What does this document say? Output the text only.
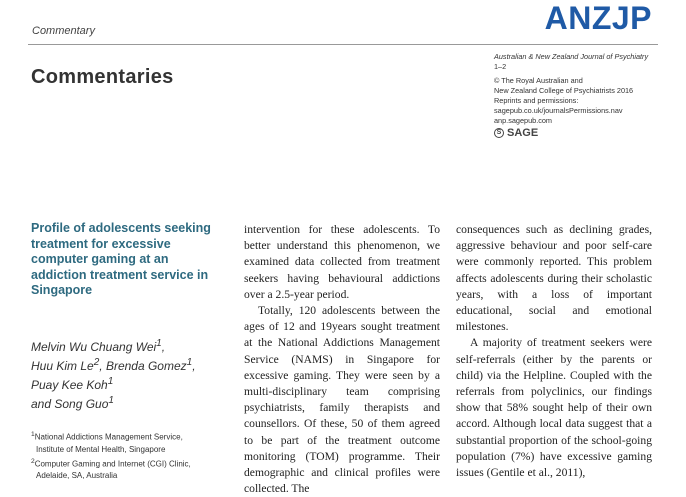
Commentary	ANZJP
Commentaries
Australian & New Zealand Journal of Psychiatry
1–2
© The Royal Australian and
New Zealand College of Psychiatrists 2016
Reprints and permissions:
sagepub.co.uk/journalsPermissions.nav
anp.sagepub.com
S SAGE
Profile of adolescents seeking treatment for excessive computer gaming at an addiction treatment service in Singapore
Melvin Wu Chuang Wei$^1$,
Huu Kim Le$^2$, Brenda Gomez$^1$, Puay Kee Koh$^1$
and Song Guo$^1$
$^1$National Addictions Management Service,
Institute of Mental Health, Singapore
$^2$Computer Gaming and Internet (CGI) Clinic,
Adelaide, SA, Australia

intervention for these adolescents. To better understand this phenomenon, we examined data collected from treatment seekers having behavioural addictions over a 2.5-year period.

Totally, 120 adolescents between the ages of 12 and 19years sought treatment at the National Addictions Management Service (NAMS) in Singapore for excessive gaming. They were seen by a multi-disciplinary team comprising psychiatrists, family therapists and counsellors. Of these, 50 of them agreed to be part of the treatment outcome monitoring (TOM) programme. Their demographic and clinical profiles were collected. The

consequences such as declining grades, aggressive behaviour and poor self-care were commonly reported. This problem affects adolescents during their scholastic years, with a loss of important educational, social and emotional milestones.

A majority of treatment seekers were self-referrals (either by the parents or child) via the Helpline. Coupled with the referrals from polyclinics, our findings show that 58% sought help of their own accord. Although local data suggest that a substantial proportion of the school-going population (7%) have excessive gaming issues (Gentile et al., 2011),
